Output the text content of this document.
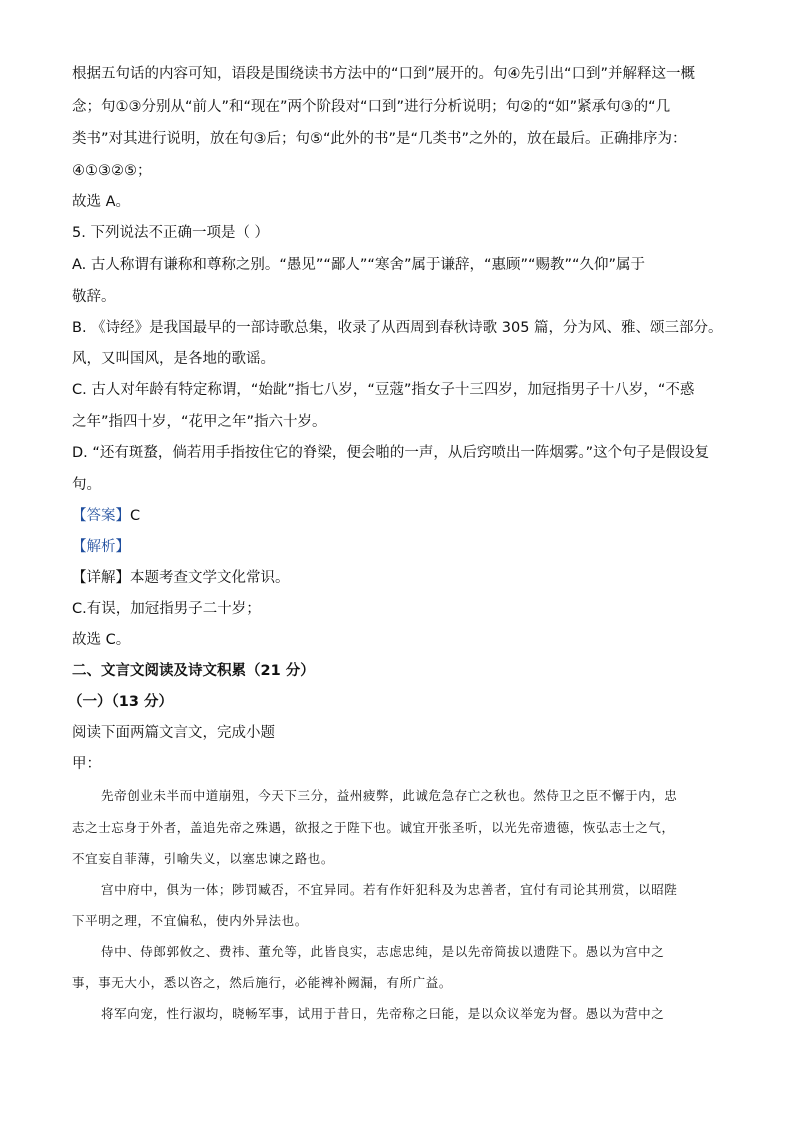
根据五句话的内容可知，语段是围绕读书方法中的“口到”展开的。句④先引出“口到”并解释这一概
念；句①③分别从“前人”和“现在”两个阶段对“口到”进行分析说明；句②的“如”紧承句③的“几
类书”对其进行说明，放在句③后；句⑤“此外的书”是“几类书”之外的，放在最后。正确排序为：
④①③②⑤；
故选 A。
5. 下列说法不正确一项是（ ）
A. 古人称谓有谦称和尊称之别。“愚见”“鄙人”“寒舍”属于谦辞，“惠顾”“赐教”“久仰”属于
敬辞。
B. 《诗经》是我国最早的一部诗歌总集，收录了从西周到春秋诗歌 305 篇，分为风、雅、颂三部分。
风，又叫国风，是各地的歌谣。
C. 古人对年龄有特定称谓，“始龀”指七八岁，“豆蔻”指女子十三四岁，加冠指男子十八岁，“不惑
之年”指四十岁，“花甲之年”指六十岁。
D. “还有斑蝥，倘若用手指按住它的脊梁，便会啪的一声，从后窍喷出一阵烟雾。”这个句子是假设复
句。
【答案】C
【解析】
【详解】本题考查文学文化常识。
C.有误，加冠指男子二十岁；
故选 C。
二、文言文阅读及诗文积累（21 分）
（一）（13 分）
阅读下面两篇文言文，完成小题
甲：
先帝创业未半而中道崩殂，今天下三分，益州疲弊，此诚危急存亡之秋也。然侍卫之臣不懈于内，忠
志之士忘身于外者，盖追先帝之殊遇，欲报之于陛下也。诚宜开张圣听，以光先帝遗德，恢弘志士之气，
不宜妄自菲薄，引喻失义，以塞忠谏之路也。
宫中府中，俱为一体；陟罚臧否，不宜异同。若有作奸犯科及为忠善者，宜付有司论其刑赏，以昭陛
下平明之理，不宜偏私，使内外异法也。
侍中、侍郎郭攸之、费祎、董允等，此皆良实，志虑忠纯，是以先帝简拔以遗陛下。愚以为宫中之
事，事无大小，悉以咨之，然后施行，必能裨补阙漏，有所广益。
将军向宠，性行淑均，晓畅军事，试用于昔日，先帝称之曰能，是以众议举宠为督。愚以为营中之
